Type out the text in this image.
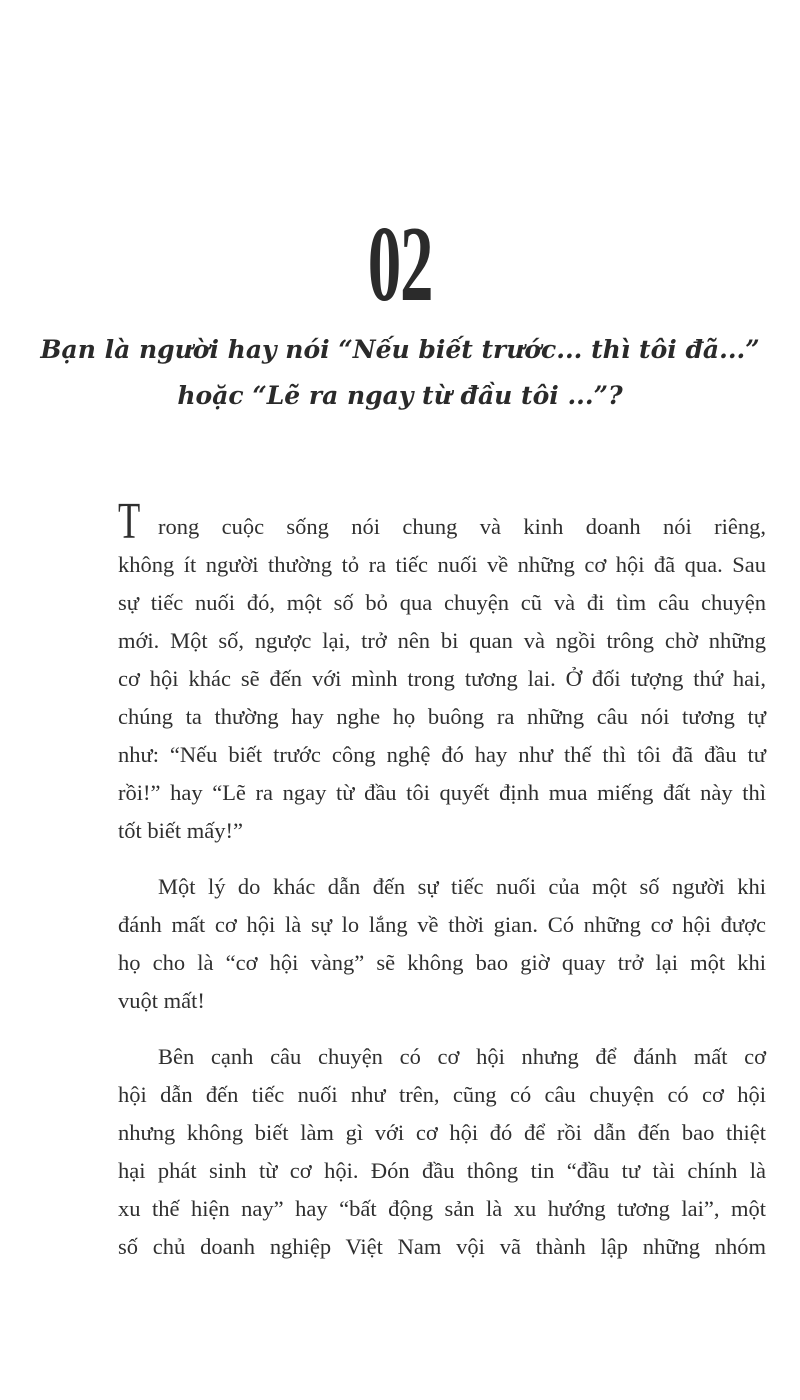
02
Bạn là người hay nói “Nếu biết trước... thì tôi đã...”
hoặc “Lẽ ra ngay từ đầu tôi ...”?
T rong cuộc sống nói chung và kinh doanh nói riêng,
không ít người thường tỏ ra tiếc nuối về những cơ hội đã qua. Sau
sự tiếc nuối đó, một số bỏ qua chuyện cũ và đi tìm câu chuyện
mới. Một số, ngược lại, trở nên bi quan và ngồi trông chờ những
cơ hội khác sẽ đến với mình trong tương lai. Ở đối tượng thứ hai,
chúng ta thường hay nghe họ buông ra những câu nói tương tự
như: “Nếu biết trước công nghệ đó hay như thế thì tôi đã đầu tư
rồi!” hay “Lẽ ra ngay từ đầu tôi quyết định mua miếng đất này thì
tốt biết mấy!”
Một lý do khác dẫn đến sự tiếc nuối của một số người khi
đánh mất cơ hội là sự lo lắng về thời gian. Có những cơ hội được
họ cho là “cơ hội vàng” sẽ không bao giờ quay trở lại một khi
vuột mất!
Bên cạnh câu chuyện có cơ hội nhưng để đánh mất cơ
hội dẫn đến tiếc nuối như trên, cũng có câu chuyện có cơ hội
nhưng không biết làm gì với cơ hội đó để rồi dẫn đến bao thiệt
hại phát sinh từ cơ hội. Đón đầu thông tin “đầu tư tài chính là
xu thế hiện nay” hay “bất động sản là xu hướng tương lai”, một
số chủ doanh nghiệp Việt Nam vội vã thành lập những nhóm
